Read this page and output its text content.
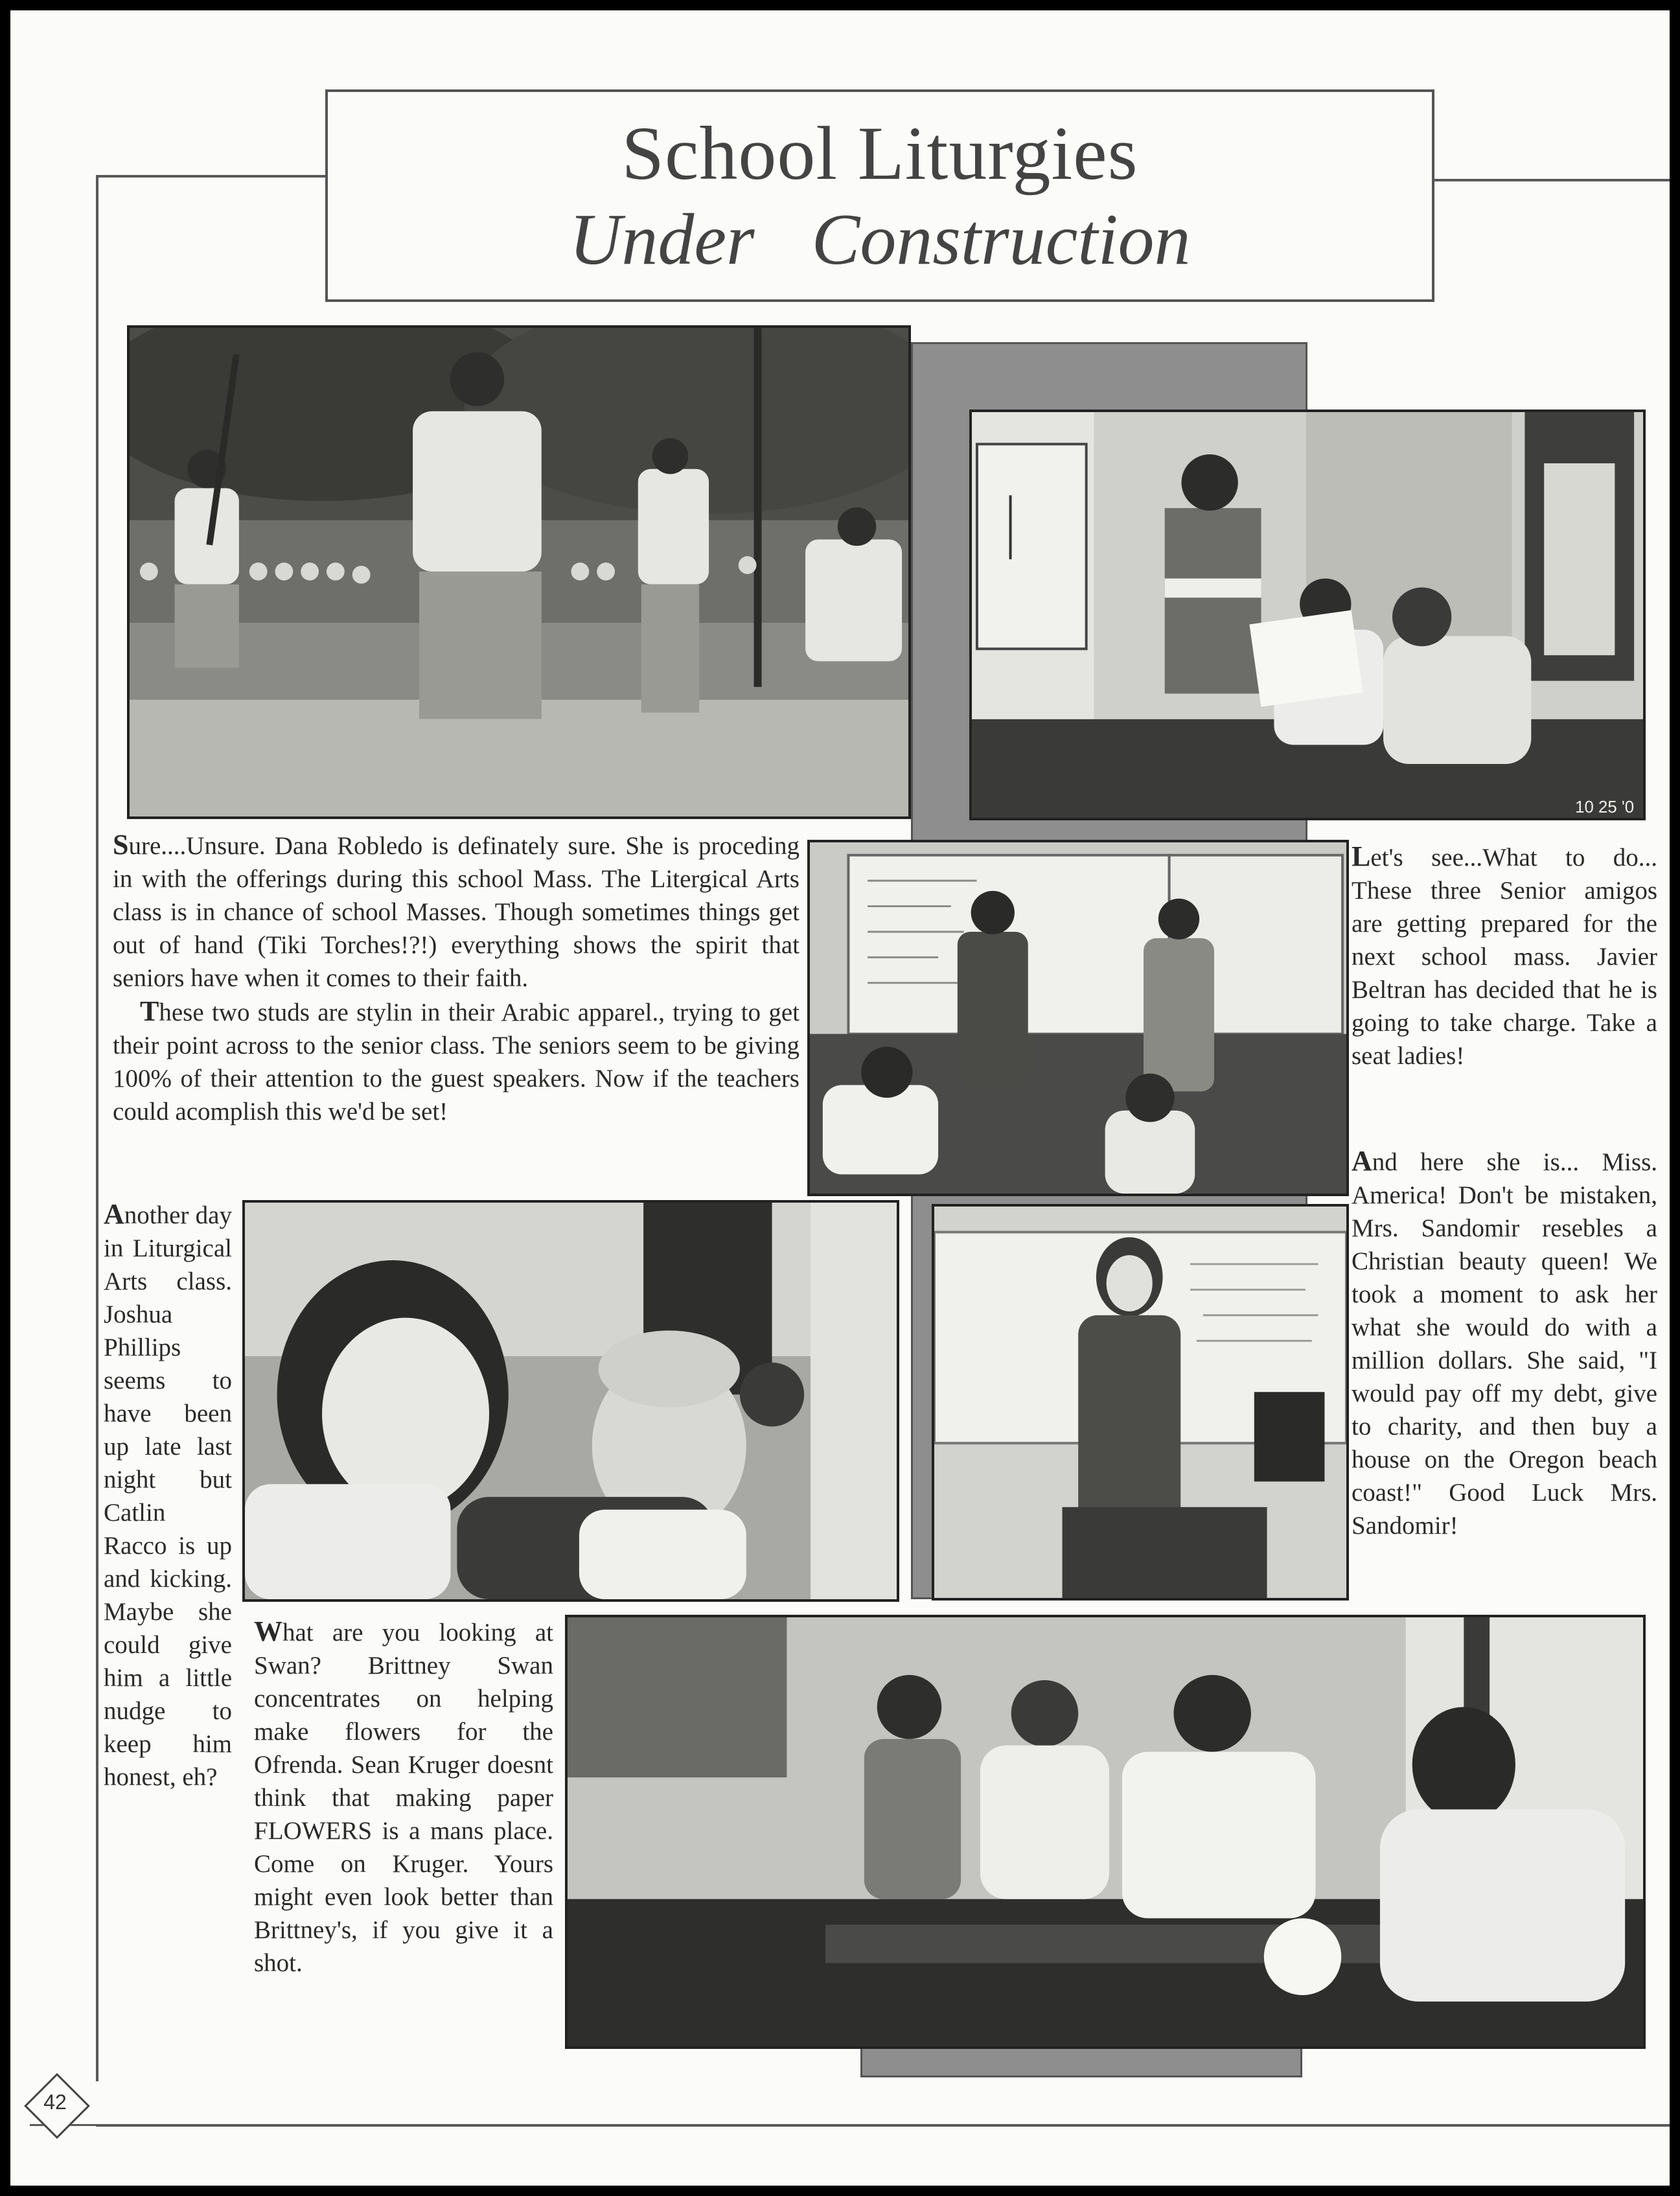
School Liturgies
Under Construction
10 25 '0

Sure....Unsure. Dana Robledo is definately sure. She is proceding in with the offerings during this school Mass. The Litergical Arts class is in chance of school Masses. Though sometimes things get out of hand (Tiki Torches!?!) everything shows the spirit that seniors have when it comes to their faith.

These two studs are stylin in their Arabic apparel., trying to get their point across to the senior class. The seniors seem to be giving 100% of their attention to the guest speakers. Now if the teachers could acomplish this we'd be set!

Another day in Liturgical Arts class. Joshua Phillips seems to have been up late last night but Catlin Racco is up and kicking. Maybe she could give him a little nudge to keep him honest, eh?

What are you looking at Swan? Brittney Swan concentrates on helping make flowers for the Ofrenda. Sean Kruger doesnt think that making paper FLOWERS is a mans place. Come on Kruger. Yours might even look better than Brittney's, if you give it a shot.

Let's see...What to do... These three Senior amigos are getting prepared for the next school mass. Javier Beltran has decided that he is going to take charge. Take a seat ladies!

And here she is... Miss. America! Don't be mistaken, Mrs. Sandomir resebles a Christian beauty queen! We took a moment to ask her what she would do with a million dollars. She said, "I would pay off my debt, give to charity, and then buy a house on the Oregon beach coast!" Good Luck Mrs. Sandomir!

42
